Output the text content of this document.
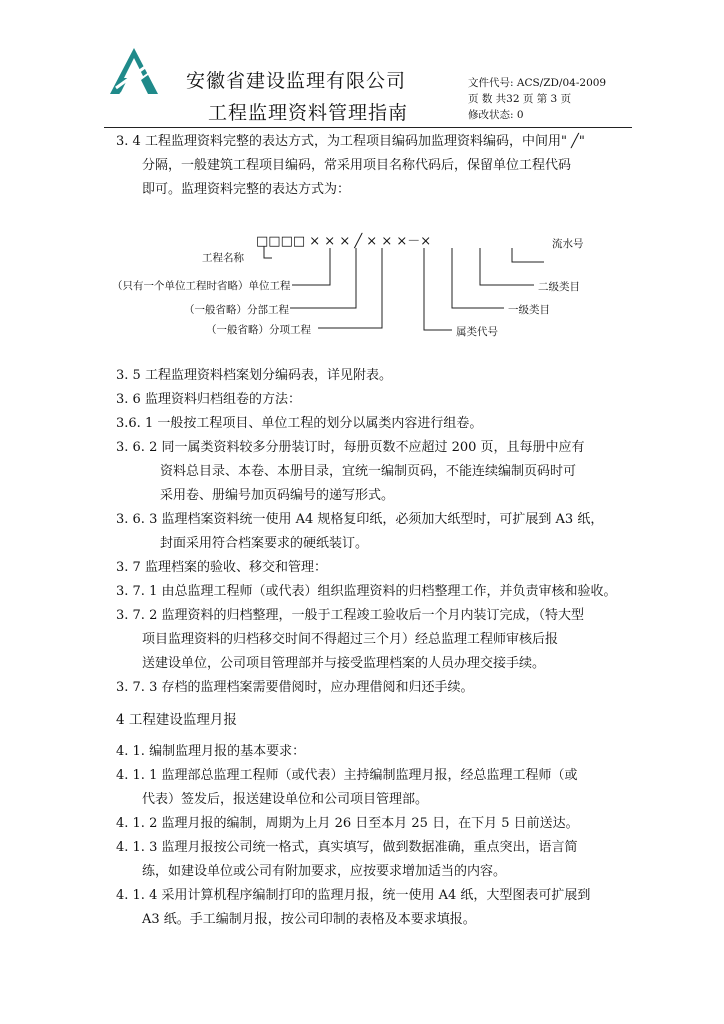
安徽省建设监理有限公司
工程监理资料管理指南
文件代号: ACS/ZD/04-2009
页 数 共32 页 第 3 页
修改状态: 0
3. 4 工程监理资料完整的表达方式，为工程项目编码加监理资料编码，中间用" ╱"
分隔，一般建筑工程项目编码，常采用项目名称代码后，保留单位工程代码
即可。监理资料完整的表达方式为：
□□□□ × × × ╱ × × ×－×
工程名称
（只有一个单位工程时省略）单位工程
（一般省略）分部工程
（一般省略）分项工程	属类代号
一级类目
二级类目
流水号
3. 5 工程监理资料档案划分编码表，详见附表。
3. 6 监理资料归档组卷的方法：
3.6. 1 一般按工程项目、单位工程的划分以属类内容进行组卷。
3. 6. 2 同一属类资料较多分册装订时，每册页数不应超过 200 页，且每册中应有
资料总目录、本卷、本册目录，宜统一编制页码，不能连续编制页码时可
采用卷、册编号加页码编号的递写形式。
3. 6. 3 监理档案资料统一使用 A4 规格复印纸，必须加大纸型时，可扩展到 A3 纸，
封面采用符合档案要求的硬纸装订。
3. 7 监理档案的验收、移交和管理：
3. 7. 1 由总监理工程师（或代表）组织监理资料的归档整理工作，并负责审核和验收。
3. 7. 2 监理资料的归档整理，一般于工程竣工验收后一个月内装订完成，（特大型
项目监理资料的归档移交时间不得超过三个月）经总监理工程师审核后报
送建设单位，公司项目管理部并与接受监理档案的人员办理交接手续。
3. 7. 3 存档的监理档案需要借阅时，应办理借阅和归还手续。
4 工程建设监理月报
4. 1. 编制监理月报的基本要求：
4. 1. 1 监理部总监理工程师（或代表）主持编制监理月报，经总监理工程师（或
代表）签发后，报送建设单位和公司项目管理部。
4. 1. 2 监理月报的编制，周期为上月 26 日至本月 25 日，在下月 5 日前送达。
4. 1. 3 监理月报按公司统一格式，真实填写，做到数据准确，重点突出，语言简
练，如建设单位或公司有附加要求，应按要求增加适当的内容。
4. 1. 4 采用计算机程序编制打印的监理月报，统一使用 A4 纸，大型图表可扩展到
A3 纸。手工编制月报，按公司印制的表格及本要求填报。
